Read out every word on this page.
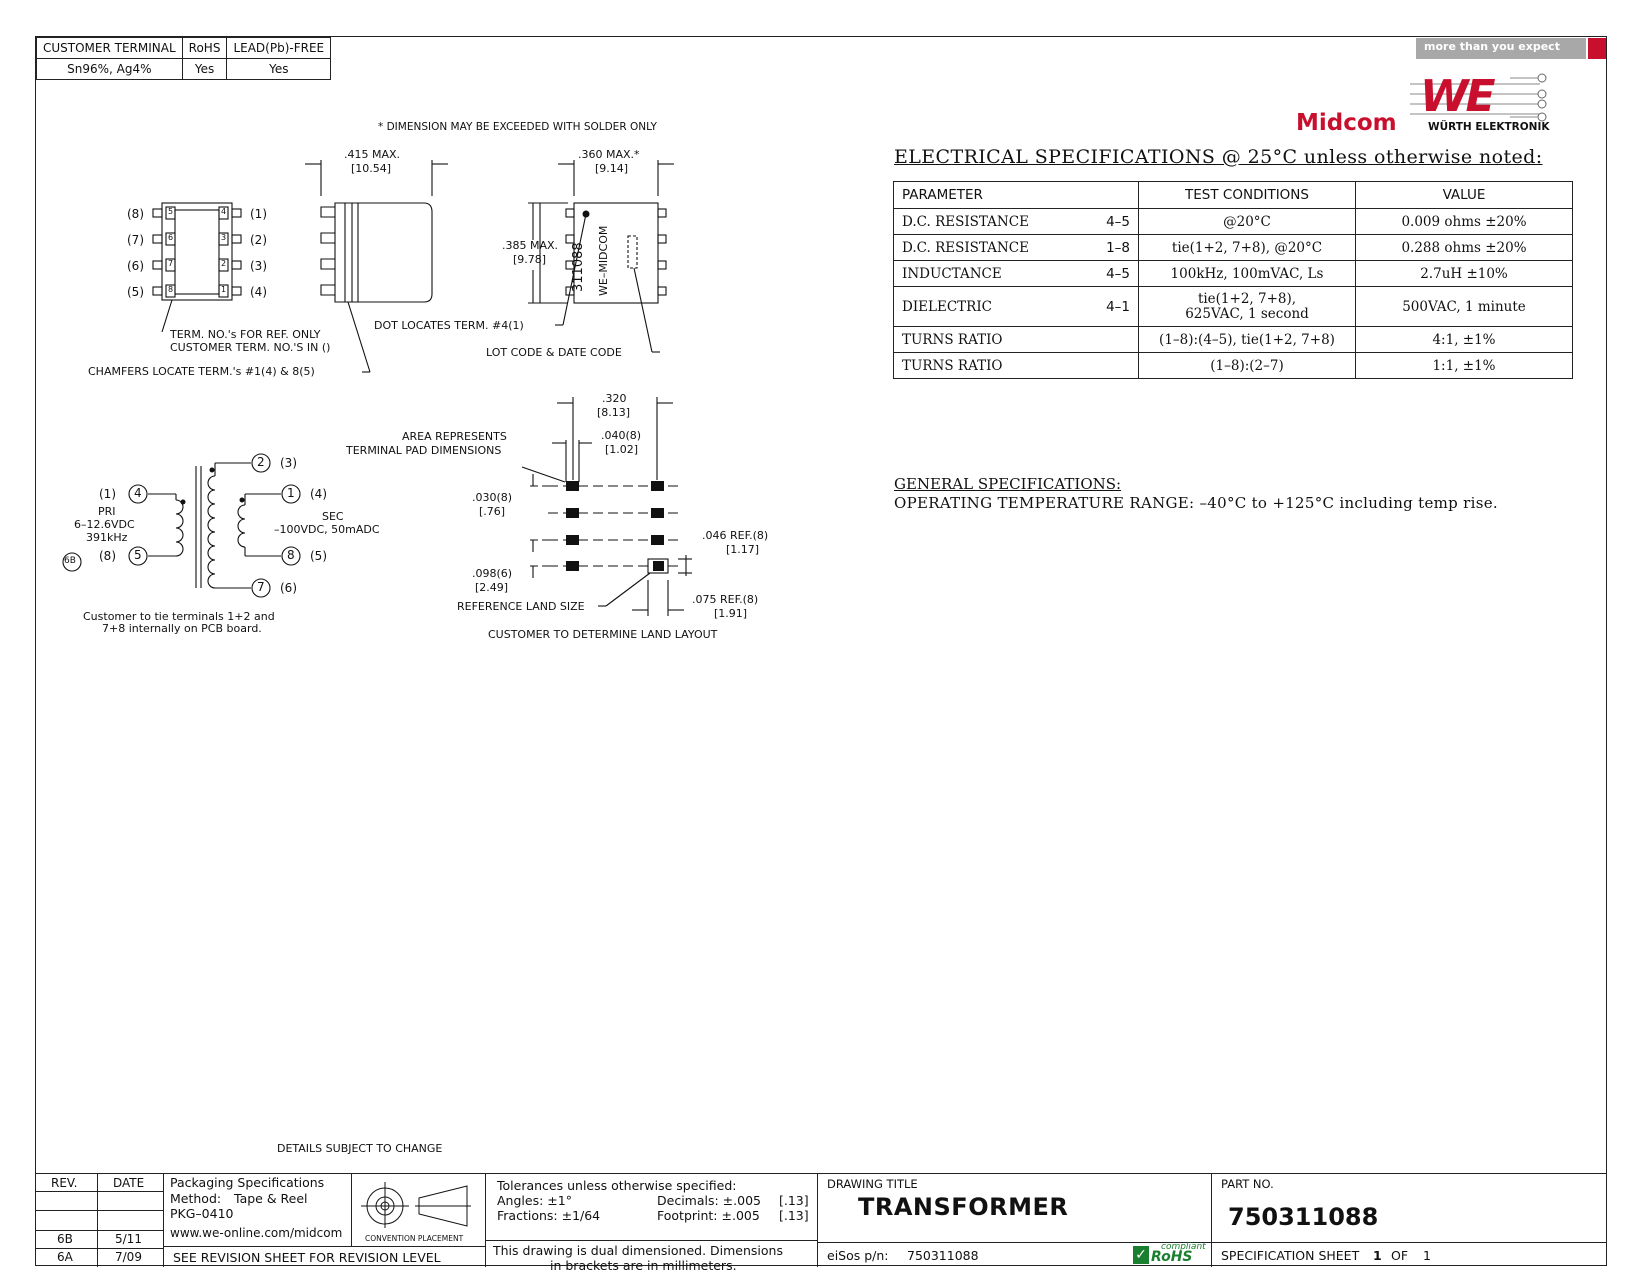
CUSTOMER TERMINAL	RoHS	LEAD(Pb)-FREE
Sn96%, Ag4%	Yes	Yes
more than you expect
Midcom
WE
WÜRTH ELEKTRONIK
ELECTRICAL SPECIFICATIONS @ 25°C unless otherwise noted:
PARAMETER		TEST CONDITIONS	VALUE
D.C. RESISTANCE	4–5	@20°C	0.009 ohms ±20%
D.C. RESISTANCE	1–8	tie(1+2, 7+8), @20°C	0.288 ohms ±20%
INDUCTANCE	4–5	100kHz, 100mVAC, Ls	2.7uH ±10%
DIELECTRIC	4–1	tie(1+2, 7+8),
625VAC, 1 second	500VAC, 1 minute
TURNS RATIO		(1–8):(4–5), tie(1+2, 7+8)	4:1, ±1%
TURNS RATIO		(1–8):(2–7)	1:1, ±1%
GENERAL SPECIFICATIONS:
OPERATING TEMPERATURE RANGE: –40°C to +125°C including temp rise.
* DIMENSION MAY BE EXCEEDED WITH SOLDER ONLY
(8)
(7)
(6)
(5)
(1)
(2)
(3)
(4)
5
6
7
8
4
3
2
1
TERM. NO.'s FOR REF. ONLY
CUSTOMER TERM. NO.'S IN ()
CHAMFERS LOCATE TERM.'s #1(4) & 8(5)
.415 MAX.
[10.54]
DOT LOCATES TERM. #4(1)
.360 MAX.*
[9.14]
.385 MAX.
[9.78] 311088 WE–MIDCOM
LOT CODE & DATE CODE
(1) 4
(8) 5
2 (3)
1 (4)
8 (5)
7 (6)
PRI
6–12.6VDC
391kHz
SEC
–100VDC, 50mADC
6B
Customer to tie terminals 1+2 and
7+8 internally on PCB board.
.320
[8.13]
.040(8)
[1.02]
AREA REPRESENTS
TERMINAL PAD DIMENSIONS
.030(8)
[.76]
.046 REF.(8)
[1.17]
.098(6)
[2.49]
.075 REF.(8)
[1.91]
REFERENCE LAND SIZE
CUSTOMER TO DETERMINE LAND LAYOUT
DETAILS SUBJECT TO CHANGE
REV.	DATE
6B	5/11
6A	7/09
Packaging Specifications
Method: Tape & Reel
PKG–0410
www.we-online.com/midcom
SEE REVISION SHEET FOR REVISION LEVEL
CONVENTION PLACEMENT
Tolerances unless otherwise specified:
Angles: ±1°
Fractions: ±1/64
Decimals: ±.005 [.13]
Footprint: ±.005 [.13]
This drawing is dual dimensioned. Dimensions
in brackets are in millimeters.
DRAWING TITLE
TRANSFORMER
eiSos p/n: 750311088
compliant
✓ RoHS
PART NO.
750311088
SPECIFICATION SHEET 1 OF 1
